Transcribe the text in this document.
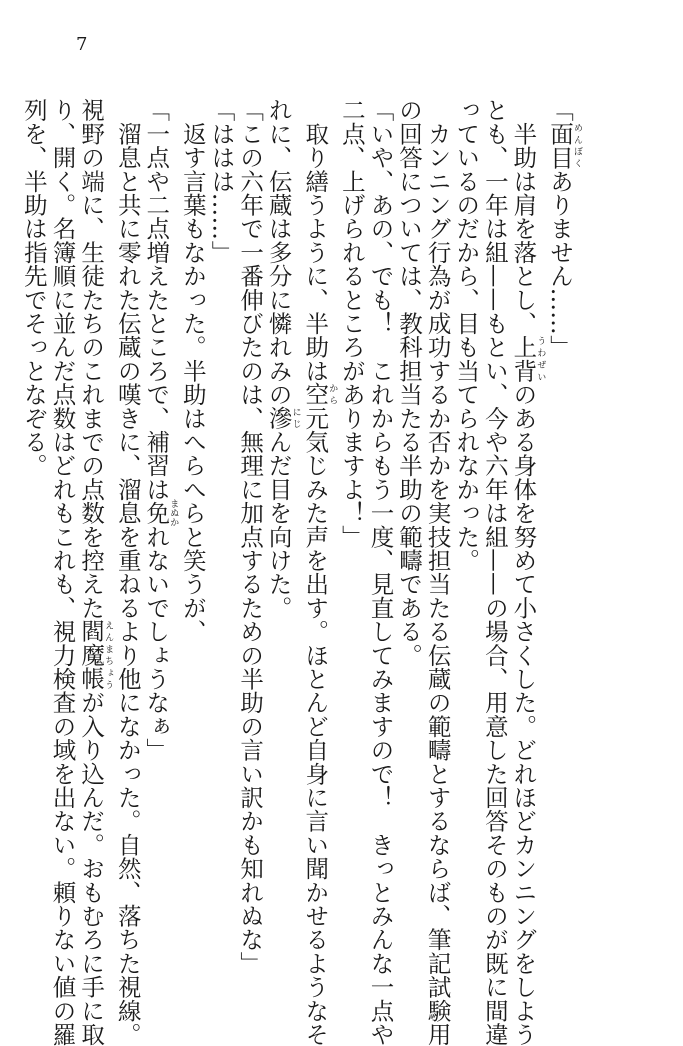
7
「面目めんぼくありません……」
　半助は肩を落とし、上背うわぜいのある身体を努めて小さくした。どれほどカンニングをしよう
とも、一年は組——もとい、今や六年は組——の場合、用意した回答そのものが既に間違
っているのだから、目も当てられなかった。
　カンニング行為が成功するか否かを実技担当たる伝蔵の範疇とするならば、筆記試験用
の回答については、教科担当たる半助の範疇である。
「いや、あの、でも！　これからもう一度、見直してみますので！　きっとみんな一点や
二点、上げられるところがありますよ！」
　取り繕うように、半助は空から元気じみた声を出す。ほとんど自身に言い聞かせるようなそ
れに、伝蔵は多分に憐れみの滲にじんだ目を向けた。
「この六年で一番伸びたのは、無理に加点するための半助の言い訳かも知れぬな」
「ははは……」
　返す言葉もなかった。半助はへらへらと笑うが、
「一点や二点増えたところで、補習は免まぬかれないでしょうなぁ」
　溜息と共に零れた伝蔵の嘆きに、溜息を重ねるより他になかった。自然、落ちた視線。
視野の端に、生徒たちのこれまでの点数を控えた閻魔帳えんまちょうが入り込んだ。おもむろに手に取
り、開く。名簿順に並んだ点数はどれもこれも、視力検査の域を出ない。頼りない値の羅
列を、半助は指先でそっとなぞる。
